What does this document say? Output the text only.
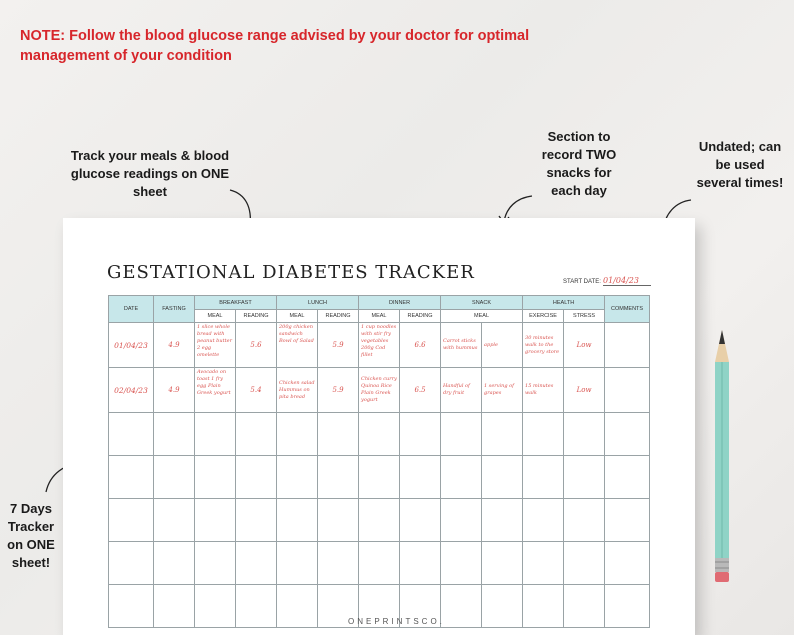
NOTE: Follow the blood glucose range advised by your doctor for optimal management of your condition
Track your meals & blood glucose readings on ONE sheet
Section to record TWO snacks for each day
Undated; can be used several times!
7 Days Tracker on ONE sheet!
GESTATIONAL DIABETES TRACKER	START DATE: 01/04/23
DATE	FASTING	BREAKFAST		LUNCH		DINNER		SNACK		HEALTH		COMMENTS
		MEAL	READING	MEAL	READING	MEAL	READING	MEAL		EXERCISE	STRESS	
01/04/23	4.9	1 slice whole bread with peanut butter 2 egg omelette	5.6	200g chicken sandwich Bowl of Salad	5.9	1 cup noodles with stir fry vegetables 200g Cod fillet	6.6	Carrot sticks with hummus	apple	30 minutes walk to the grocery store	Low	
02/04/23	4.9	Avocado on toast 1 fry egg Plain Greek yogurt	5.4	Chicken salad Hummus on pita bread	5.9	Chicken curry Quinoa Rice Plain Greek yogurt	6.5	Handful of dry fruit	1 serving of grapes	15 minutes walk	Low	

ONEPRINTSCO.
